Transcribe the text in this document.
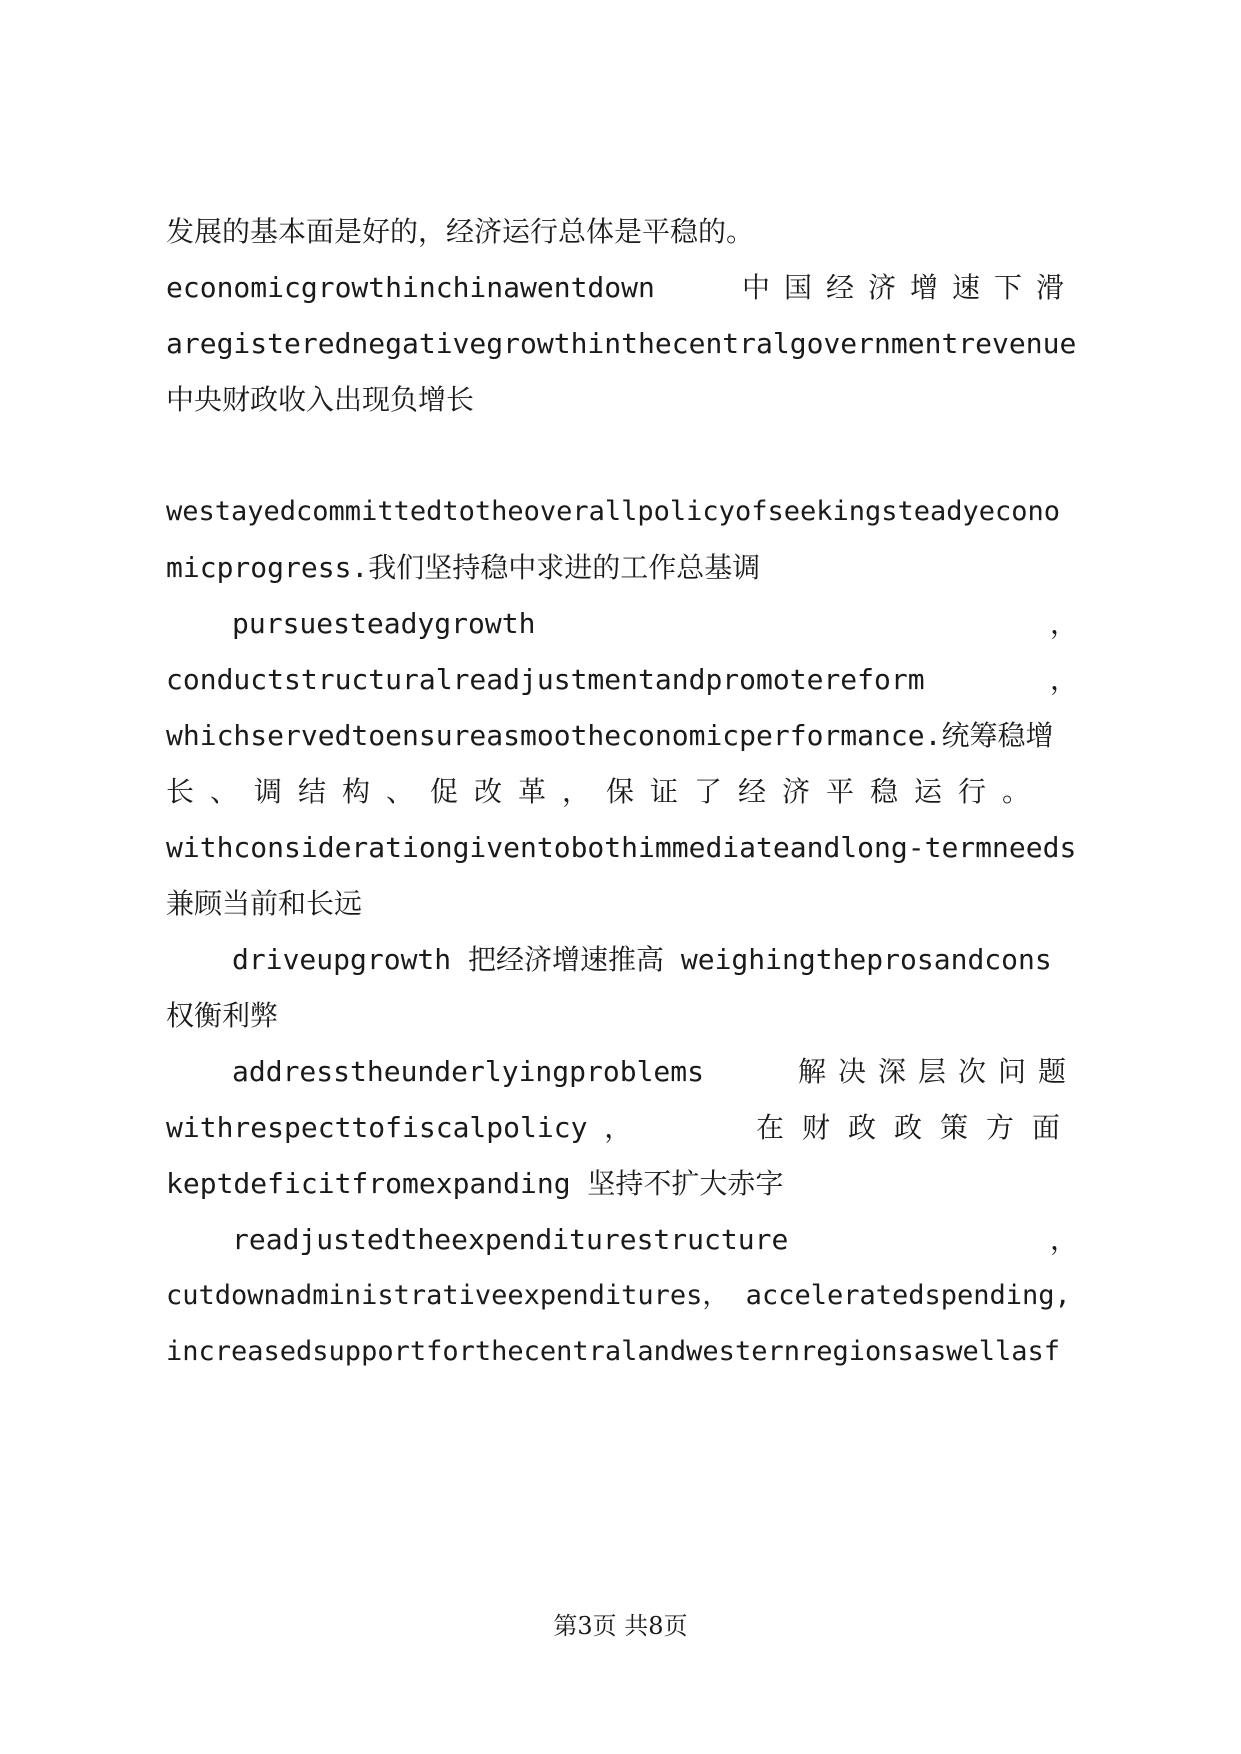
发展的基本面是好的，经济运行总体是平稳的。
economicgrowthinchinawentdown	中国经济增速下滑
aregisterednegativegrowthinthecentralgovernmentrevenue
中央财政收入出现负增长
westayedcommittedtotheoverallpolicyofseekingsteadyecono
micprogress.我们坚持稳中求进的工作总基调
pursuesteadygrowth	，
conductstructuralreadjustmentandpromotereform	，
whichservedtoensureasmootheconomicperformance.统筹稳增
长、调结构、促改革，保证了经济平稳运行。
withconsiderationgiventobothimmediateandlong-termneeds
兼顾当前和长远
driveupgrowth 把经济增速推高 weighingtheprosandcons
权衡利弊
addresstheunderlyingproblems	解决深层次问题
withrespecttofiscalpolicy ，	在财政政策方面
keptdeficitfromexpanding 坚持不扩大赤字
readjustedtheexpenditurestructure	，
cutdownadministrativeexpenditures， acceleratedspending,
increasedsupportforthecentralandwesternregionsaswellasf
第3页 共8页
